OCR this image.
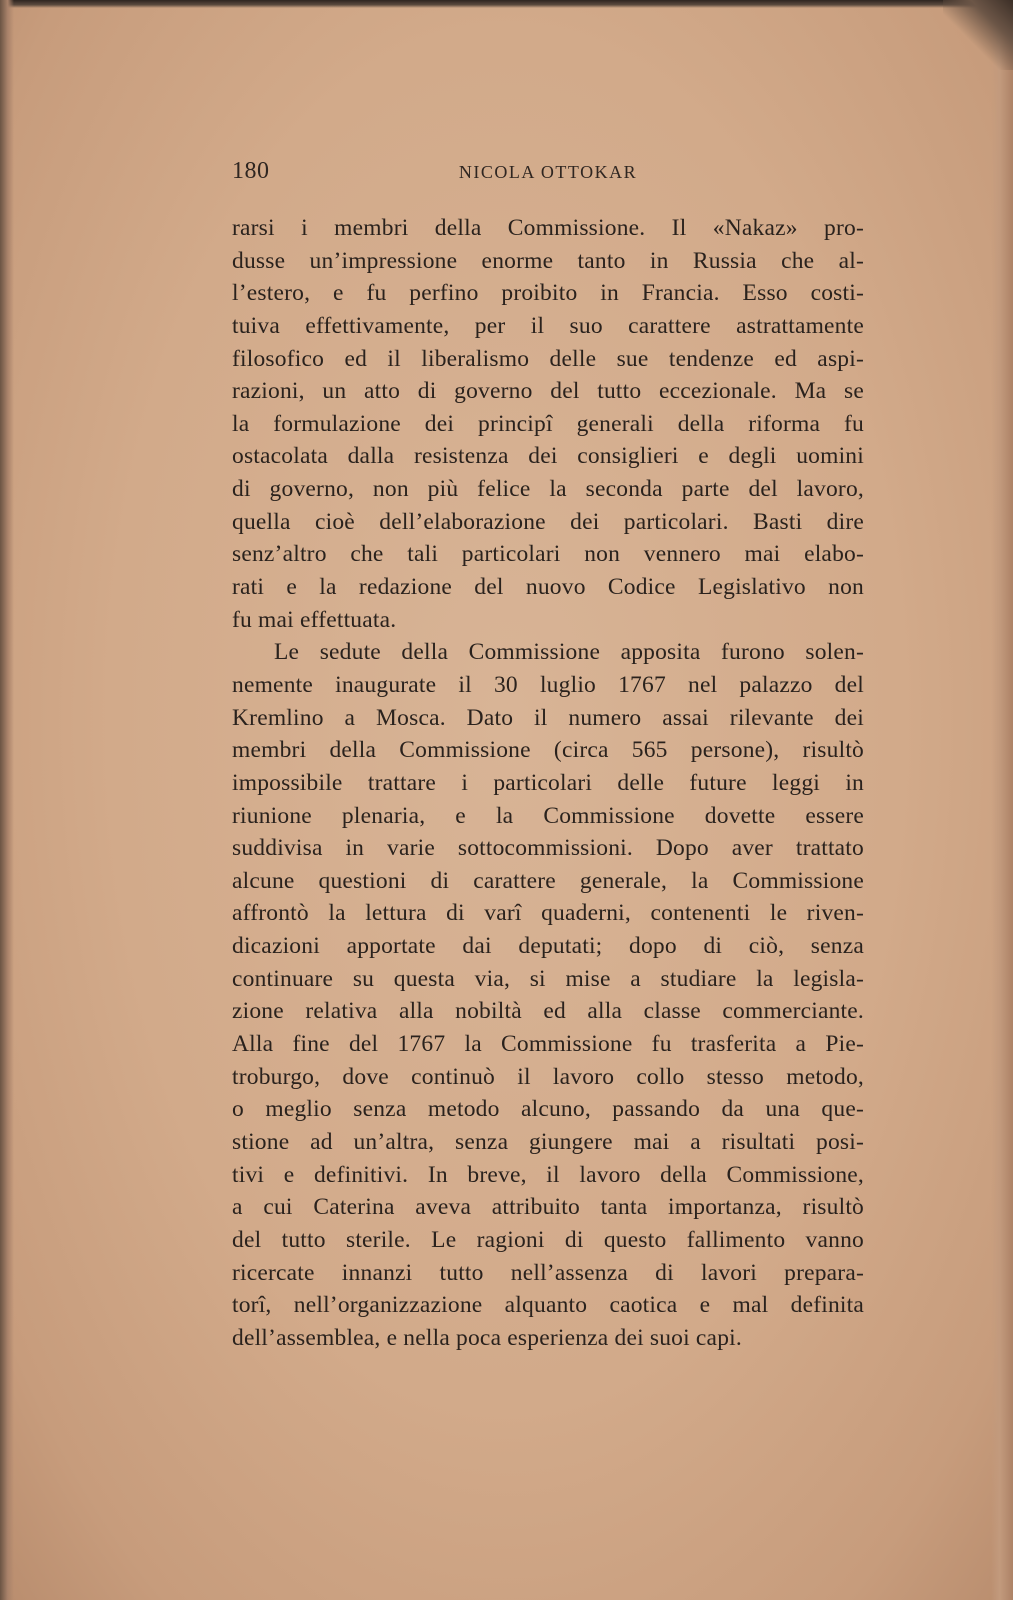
180	NICOLA OTTOKAR
rarsi i membri della Commissione. Il «Nakaz» pro-
dusse un’impressione enorme tanto in Russia che al-
l’estero, e fu perfino proibito in Francia. Esso costi-
tuiva effettivamente, per il suo carattere astrattamente
filosofico ed il liberalismo delle sue tendenze ed aspi-
razioni, un atto di governo del tutto eccezionale. Ma se
la formulazione dei principî generali della riforma fu
ostacolata dalla resistenza dei consiglieri e degli uomini
di governo, non più felice la seconda parte del lavoro,
quella cioè dell’elaborazione dei particolari. Basti dire
senz’altro che tali particolari non vennero mai elabo-
rati e la redazione del nuovo Codice Legislativo non
fu mai effettuata.
Le sedute della Commissione apposita furono solen-
nemente inaugurate il 30 luglio 1767 nel palazzo del
Kremlino a Mosca. Dato il numero assai rilevante dei
membri della Commissione (circa 565 persone), risultò
impossibile trattare i particolari delle future leggi in
riunione plenaria, e la Commissione dovette essere
suddivisa in varie sottocommissioni. Dopo aver trattato
alcune questioni di carattere generale, la Commissione
affrontò la lettura di varî quaderni, contenenti le riven-
dicazioni apportate dai deputati; dopo di ciò, senza
continuare su questa via, si mise a studiare la legisla-
zione relativa alla nobiltà ed alla classe commerciante.
Alla fine del 1767 la Commissione fu trasferita a Pie-
troburgo, dove continuò il lavoro collo stesso metodo,
o meglio senza metodo alcuno, passando da una que-
stione ad un’altra, senza giungere mai a risultati posi-
tivi e definitivi. In breve, il lavoro della Commissione,
a cui Caterina aveva attribuito tanta importanza, risultò
del tutto sterile. Le ragioni di questo fallimento vanno
ricercate innanzi tutto nell’assenza di lavori prepara-
torî, nell’organizzazione alquanto caotica e mal definita
dell’assemblea, e nella poca esperienza dei suoi capi.
